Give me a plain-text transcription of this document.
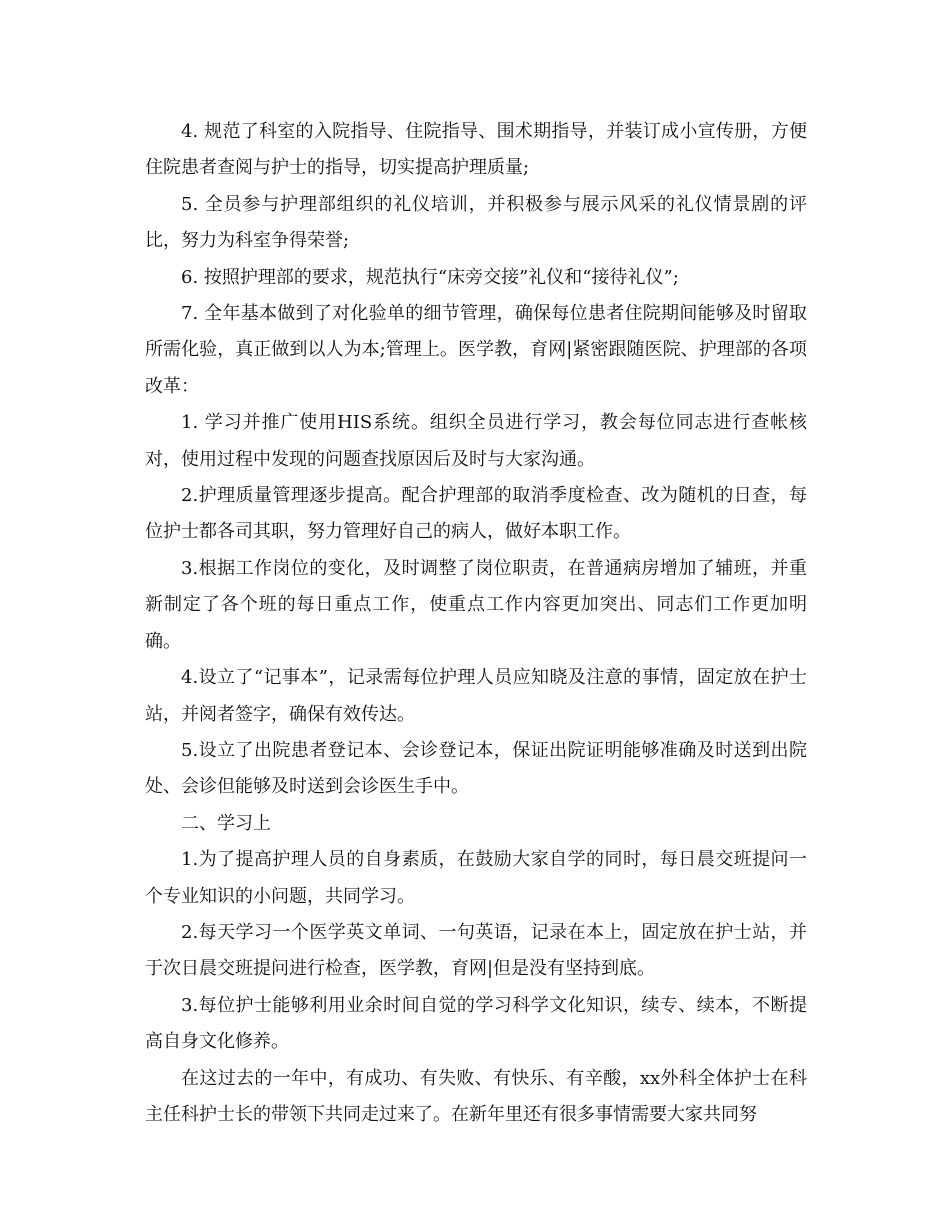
4. 规范了科室的入院指导、住院指导、围术期指导，并装订成小宣传册，方便住院患者查阅与护士的指导，切实提高护理质量;

5. 全员参与护理部组织的礼仪培训，并积极参与展示风采的礼仪情景剧的评比，努力为科室争得荣誉;

6. 按照护理部的要求，规范执行“床旁交接”礼仪和“接待礼仪”;

7. 全年基本做到了对化验单的细节管理，确保每位患者住院期间能够及时留取所需化验，真正做到以人为本;管理上。医学教，育网|紧密跟随医院、护理部的各项改革：

1. 学习并推广使用HIS系统。组织全员进行学习，教会每位同志进行查帐核对，使用过程中发现的问题查找原因后及时与大家沟通。

2.护理质量管理逐步提高。配合护理部的取消季度检查、改为随机的日查，每位护士都各司其职，努力管理好自己的病人，做好本职工作。

3.根据工作岗位的变化，及时调整了岗位职责，在普通病房增加了辅班，并重新制定了各个班的每日重点工作，使重点工作内容更加突出、同志们工作更加明确。

4.设立了“记事本”，记录需每位护理人员应知晓及注意的事情，固定放在护士站，并阅者签字，确保有效传达。

5.设立了出院患者登记本、会诊登记本，保证出院证明能够准确及时送到出院处、会诊但能够及时送到会诊医生手中。

二、学习上

1.为了提高护理人员的自身素质，在鼓励大家自学的同时，每日晨交班提问一个专业知识的小问题，共同学习。

2.每天学习一个医学英文单词、一句英语，记录在本上，固定放在护士站，并于次日晨交班提问进行检查，医学教，育网|但是没有坚持到底。

3.每位护士能够利用业余时间自觉的学习科学文化知识，续专、续本，不断提高自身文化修养。

在这过去的一年中，有成功、有失败、有快乐、有辛酸，xx外科全体护士在科主任科护士长的带领下共同走过来了。在新年里还有很多事情需要大家共同努
